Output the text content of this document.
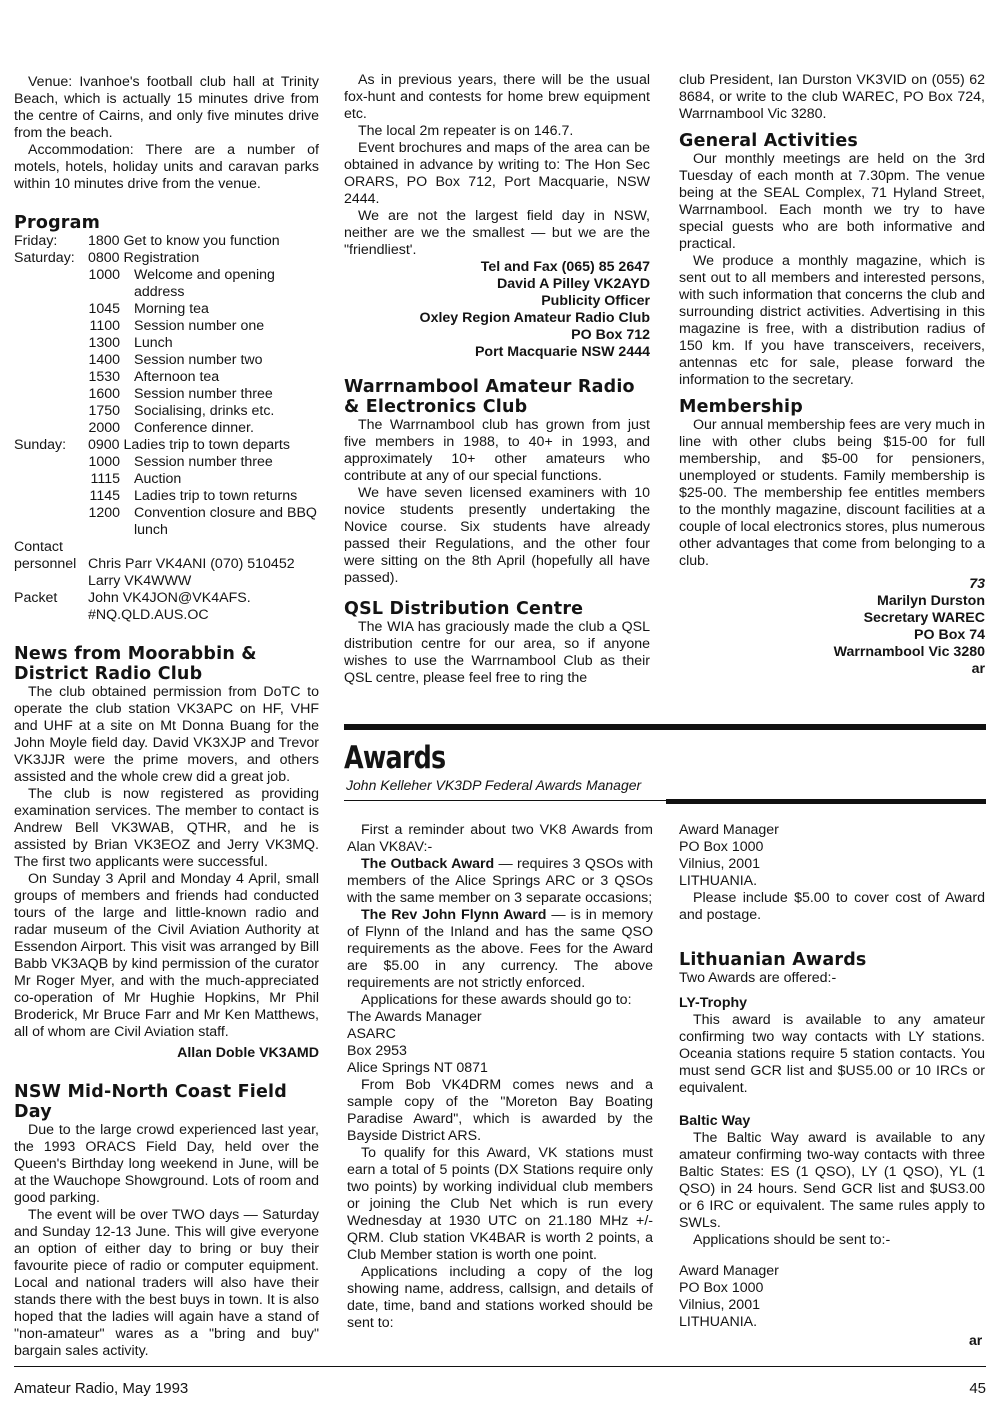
Venue: Ivanhoe's football club hall at Trinity Beach, which is actually 15 minutes drive from the centre of Cairns, and only five minutes drive from the beach.

Accommodation: There are a number of motels, hotels, holiday units and caravan parks within 10 minutes drive from the venue.

Program
Friday:	1800 Get to know you function
Saturday:	0800 Registration
	1000 Welcome and opening address
	1045 Morning tea
	1100 Session number one
	1300 Lunch
	1400 Session number two
	1530 Afternoon tea
	1600 Session number three
	1750 Socialising, drinks etc.
	2000 Conference dinner.
Sunday:	0900 Ladies trip to town departs
	1000 Session number three
	1115 Auction
	1145 Ladies trip to town returns
	1200 Convention closure and BBQ lunch
Contact	
personnel	Chris Parr VK4ANI (070) 510452
	Larry VK4WWW
Packet	John VK4JON@VK4AFS.
	#NQ.QLD.AUS.OC
News from Moorabbin & District Radio Club

The club obtained permission from DoTC to operate the club station VK3APC on HF, VHF and UHF at a site on Mt Donna Buang for the John Moyle field day. David VK3XJP and Trevor VK3JJR were the prime movers, and others assisted and the whole crew did a great job.

The club is now registered as providing examination services. The member to contact is Andrew Bell VK3WAB, QTHR, and he is assisted by Brian VK3EOZ and Jerry VK3MQ. The first two applicants were successful.

On Sunday 3 April and Monday 4 April, small groups of members and friends had conducted tours of the large and little-known radio and radar museum of the Civil Aviation Authority at Essendon Airport. This visit was arranged by Bill Babb VK3AQB by kind permission of the curator Mr Roger Myer, and with the much-appreciated co-operation of Mr Hughie Hopkins, Mr Phil Broderick, Mr Bruce Farr and Mr Ken Matthews, all of whom are Civil Aviation staff.

Allan Doble VK3AMD
NSW Mid-North Coast Field Day

Due to the large crowd experienced last year, the 1993 ORACS Field Day, held over the Queen's Birthday long weekend in June, will be at the Wauchope Showground. Lots of room and good parking.

The event will be over TWO days — Saturday and Sunday 12-13 June. This will give everyone an option of either day to bring or buy their favourite piece of radio or computer equipment. Local and national traders will also have their stands there with the best buys in town. It is also hoped that the ladies will again have a stand of "non-amateur" wares as a "bring and buy" bargain sales activity.

As in previous years, there will be the usual fox-hunt and contests for home brew equipment etc.

The local 2m repeater is on 146.7.

Event brochures and maps of the area can be obtained in advance by writing to: The Hon Sec ORARS, PO Box 712, Port Macquarie, NSW 2444.

We are not the largest field day in NSW, neither are we the smallest — but we are the "friendliest'.

Tel and Fax (065) 85 2647
David A Pilley VK2AYD
Publicity Officer
Oxley Region Amateur Radio Club
PO Box 712
Port Macquarie NSW 2444
Warrnambool Amateur Radio & Electronics Club

The Warrnambool club has grown from just five members in 1988, to 40+ in 1993, and approximately 10+ other amateurs who contribute at any of our special functions.

We have seven licensed examiners with 10 novice students presently undertaking the Novice course. Six students have already passed their Regulations, and the other four were sitting on the 8th April (hopefully all have passed).

QSL Distribution Centre

The WIA has graciously made the club a QSL distribution centre for our area, so if anyone wishes to use the Warrnambool Club as their QSL centre, please feel free to ring the

club President, Ian Durston VK3VID on (055) 62 8684, or write to the club WAREC, PO Box 724, Warrnambool Vic 3280.

General Activities

Our monthly meetings are held on the 3rd Tuesday of each month at 7.30pm. The venue being at the SEAL Complex, 71 Hyland Street, Warrnambool. Each month we try to have special guests who are both informative and practical.

We produce a monthly magazine, which is sent out to all members and interested persons, with such information that concerns the club and surrounding district activities. Advertising in this magazine is free, with a distribution radius of 150 km. If you have transceivers, receivers, antennas etc for sale, please forward the information to the secretary.

Membership

Our annual membership fees are very much in line with other clubs being $15-00 for full membership, and $5-00 for pensioners, unemployed or students. Family membership is $25-00. The membership fee entitles members to the monthly magazine, discount facilities at a couple of local electronics stores, plus numerous other advantages that come from belonging to a club.

73
Marilyn Durston
Secretary WAREC
PO Box 74
Warrnambool Vic 3280
ar
Awards
John Kelleher VK3DP Federal Awards Manager

First a reminder about two VK8 Awards from Alan VK8AV:-

The Outback Award — requires 3 QSOs with members of the Alice Springs ARC or 3 QSOs with the same member on 3 separate occasions;

The Rev John Flynn Award — is in memory of Flynn of the Inland and has the same QSO requirements as the above. Fees for the Award are $5.00 in any currency. The above requirements are not strictly enforced.

Applications for these awards should go to:

The Awards Manager
ASARC
Box 2953
Alice Springs NT 0871

From Bob VK4DRM comes news and a sample copy of the "Moreton Bay Boating Paradise Award", which is awarded by the Bayside District ARS.

To qualify for this Award, VK stations must earn a total of 5 points (DX Stations require only two points) by working individual club members or joining the Club Net which is run every Wednesday at 1930 UTC on 21.180 MHz +/- QRM. Club station VK4BAR is worth 2 points, a Club Member station is worth one point.

Applications including a copy of the log showing name, address, callsign, and details of date, time, band and stations worked should be sent to:

Award Manager
PO Box 1000
Vilnius, 2001
LITHUANIA.

Please include $5.00 to cover cost of Award and postage.

Lithuanian Awards

Two Awards are offered:-

LY-Trophy

This award is available to any amateur confirming two way contacts with LY stations. Oceania stations require 5 station contacts. You must send GCR list and $US5.00 or 10 IRCs or equivalent.

Baltic Way

The Baltic Way award is available to any amateur confirming two-way contacts with three Baltic States: ES (1 QSO), LY (1 QSO), YL (1 QSO) in 24 hours. Send GCR list and $US3.00 or 6 IRC or equivalent. The same rules apply to SWLs.

Applications should be sent to:-

ar
Amateur Radio, May 1993	45
Award Manager
PO Box 1000
Vilnius, 2001
LITHUANIA.
